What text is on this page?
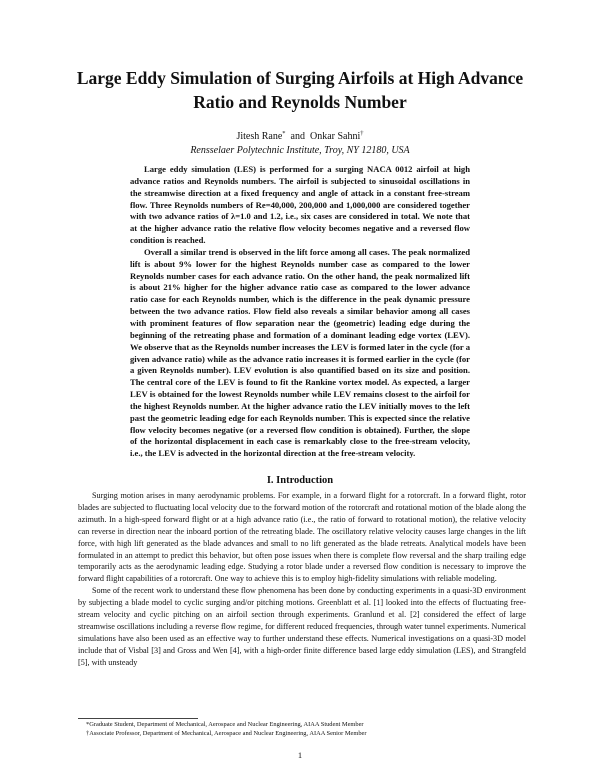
Large Eddy Simulation of Surging Airfoils at High Advance Ratio and Reynolds Number
Jitesh Rane* and Onkar Sahni†
Rensselaer Polytechnic Institute, Troy, NY 12180, USA

Large eddy simulation (LES) is performed for a surging NACA 0012 airfoil at high advance ratios and Reynolds numbers. The airfoil is subjected to sinusoidal oscillations in the streamwise direction at a fixed frequency and angle of attack in a constant free-stream flow. Three Reynolds numbers of Re=40,000, 200,000 and 1,000,000 are considered together with two advance ratios of λ=1.0 and 1.2, i.e., six cases are considered in total. We note that at the higher advance ratio the relative flow velocity becomes negative and a reversed flow condition is reached.

Overall a similar trend is observed in the lift force among all cases. The peak normalized lift is about 9% lower for the highest Reynolds number case as compared to the lower Reynolds number cases for each advance ratio. On the other hand, the peak normalized lift is about 21% higher for the higher advance ratio case as compared to the lower advance ratio case for each Reynolds number, which is the difference in the peak dynamic pressure between the two advance ratios. Flow field also reveals a similar behavior among all cases with prominent features of flow separation near the (geometric) leading edge during the beginning of the retreating phase and formation of a dominant leading edge vortex (LEV). We observe that as the Reynolds number increases the LEV is formed later in the cycle (for a given advance ratio) while as the advance ratio increases it is formed earlier in the cycle (for a given Reynolds number). LEV evolution is also quantified based on its size and position. The central core of the LEV is found to fit the Rankine vortex model. As expected, a larger LEV is obtained for the lowest Reynolds number while LEV remains closest to the airfoil for the highest Reynolds number. At the higher advance ratio the LEV initially moves to the left past the geometric leading edge for each Reynolds number. This is expected since the relative flow velocity becomes negative (or a reversed flow condition is obtained). Further, the slope of the horizontal displacement in each case is remarkably close to the free-stream velocity, i.e., the LEV is advected in the horizontal direction at the free-stream velocity.

I. Introduction

Surging motion arises in many aerodynamic problems. For example, in a forward flight for a rotorcraft. In a forward flight, rotor blades are subjected to fluctuating local velocity due to the forward motion of the rotorcraft and rotational motion of the blade along the azimuth. In a high-speed forward flight or at a high advance ratio (i.e., the ratio of forward to rotational motion), the relative velocity can reverse in direction near the inboard portion of the retreating blade. The oscillatory relative velocity causes large changes in the lift force, with high lift generated as the blade advances and small to no lift generated as the blade retreats. Analytical models have been formulated in an attempt to predict this behavior, but often pose issues when there is complete flow reversal and the sharp trailing edge temporarily acts as the aerodynamic leading edge. Studying a rotor blade under a reversed flow condition is necessary to improve the forward flight capabilities of a rotorcraft. One way to achieve this is to employ high-fidelity simulations with reliable modeling.

Some of the recent work to understand these flow phenomena has been done by conducting experiments in a quasi-3D environment by subjecting a blade model to cyclic surging and/or pitching motions. Greenblatt et al. [1] looked into the effects of fluctuating free-stream velocity and cyclic pitching on an airfoil section through experiments. Granlund et al. [2] considered the effect of large streamwise oscillations including a reverse flow regime, for different reduced frequencies, through water tunnel experiments. Numerical simulations have also been used as an effective way to further understand these effects. Numerical investigations on a quasi-3D model include that of Visbal [3] and Gross and Wen [4], with a high-order finite difference based large eddy simulation (LES), and Strangfeld [5], with unsteady

*Graduate Student, Department of Mechanical, Aerospace and Nuclear Engineering, AIAA Student Member
†Associate Professor, Department of Mechanical, Aerospace and Nuclear Engineering, AIAA Senior Member
1
